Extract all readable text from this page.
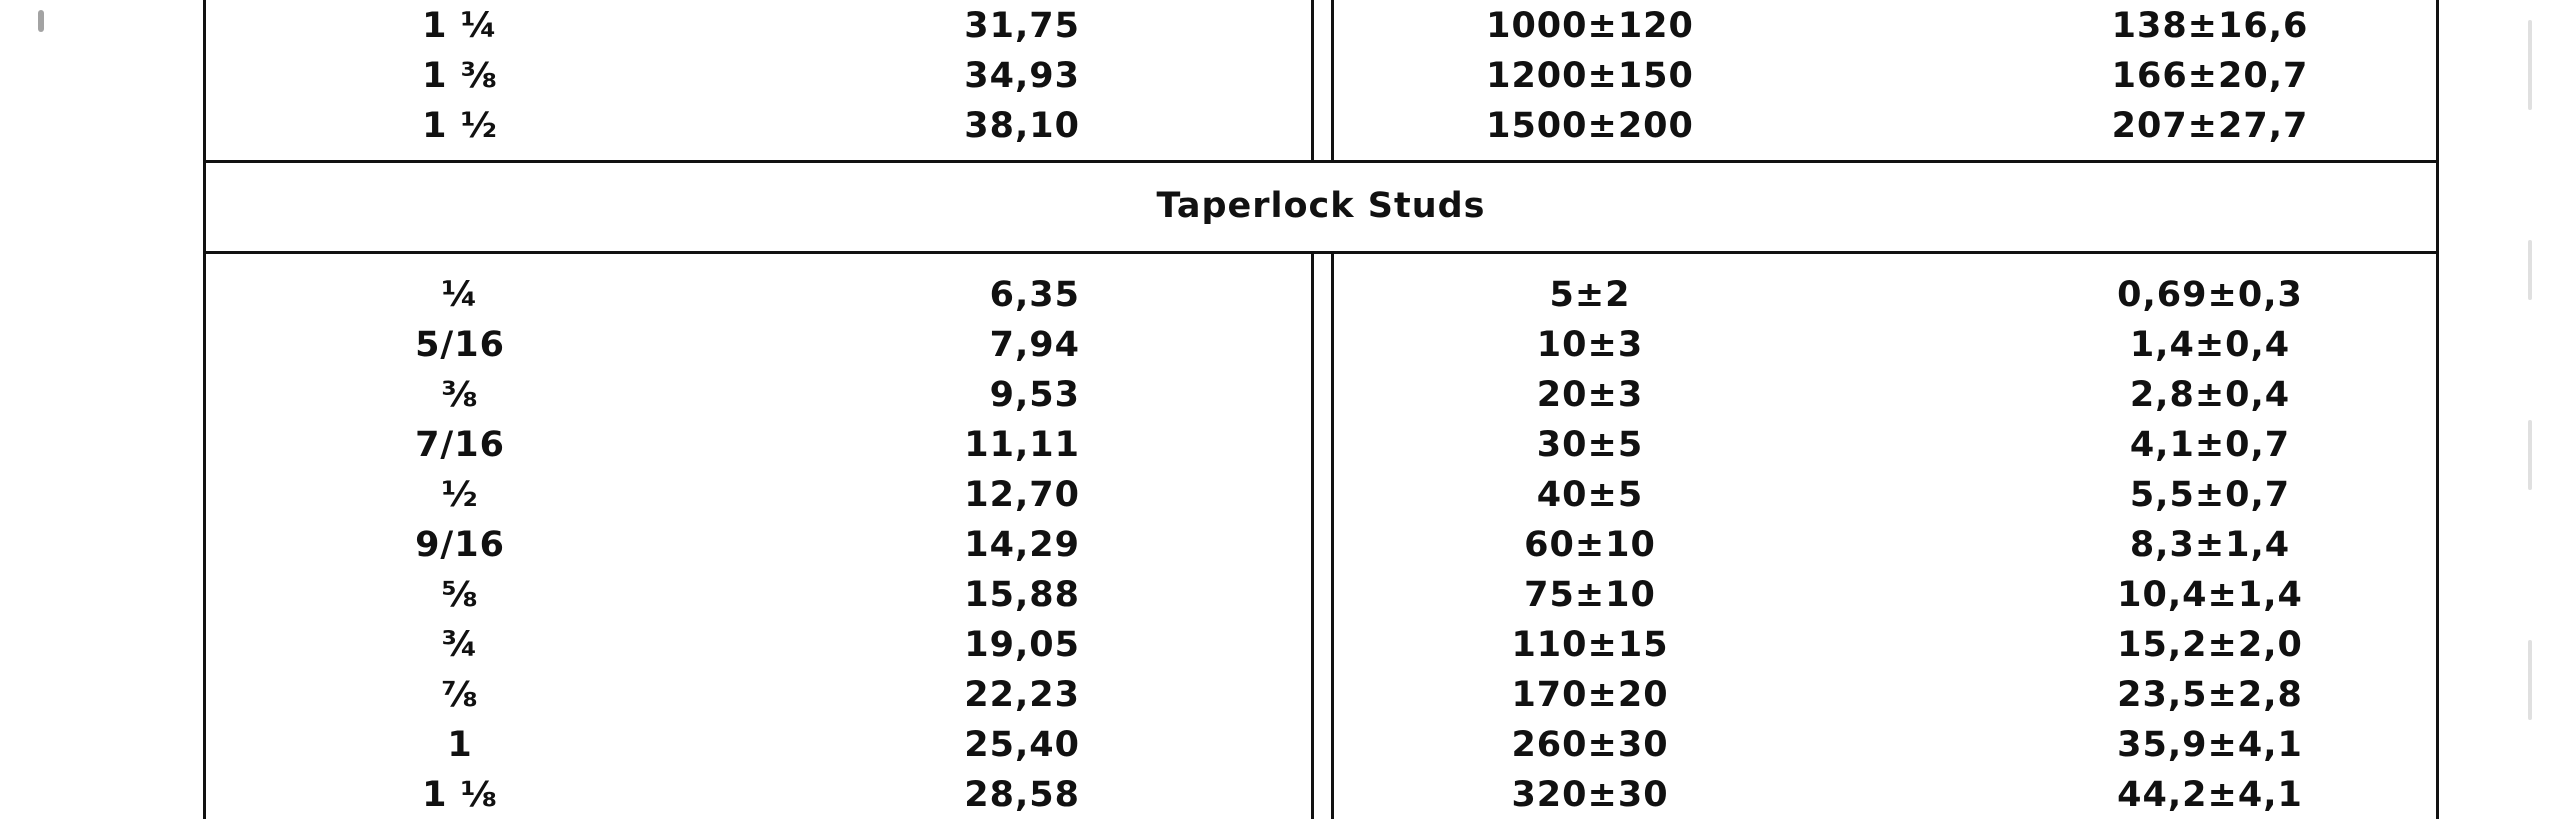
1 ¼	31,75	1000±120	138±16,6
1 ⅜	34,93	1200±150	166±20,7
1 ½	38,10	1500±200	207±27,7
Taperlock Studs
¼	6,35	5±2	0,69±0,3
5/16	7,94	10±3	1,4±0,4
⅜	9,53	20±3	2,8±0,4
7/16	11,11	30±5	4,1±0,7
½	12,70	40±5	5,5±0,7
9/16	14,29	60±10	8,3±1,4
⅝	15,88	75±10	10,4±1,4
¾	19,05	110±15	15,2±2,0
⅞	22,23	170±20	23,5±2,8
1	25,40	260±30	35,9±4,1
1 ⅛	28,58	320±30	44,2±4,1
